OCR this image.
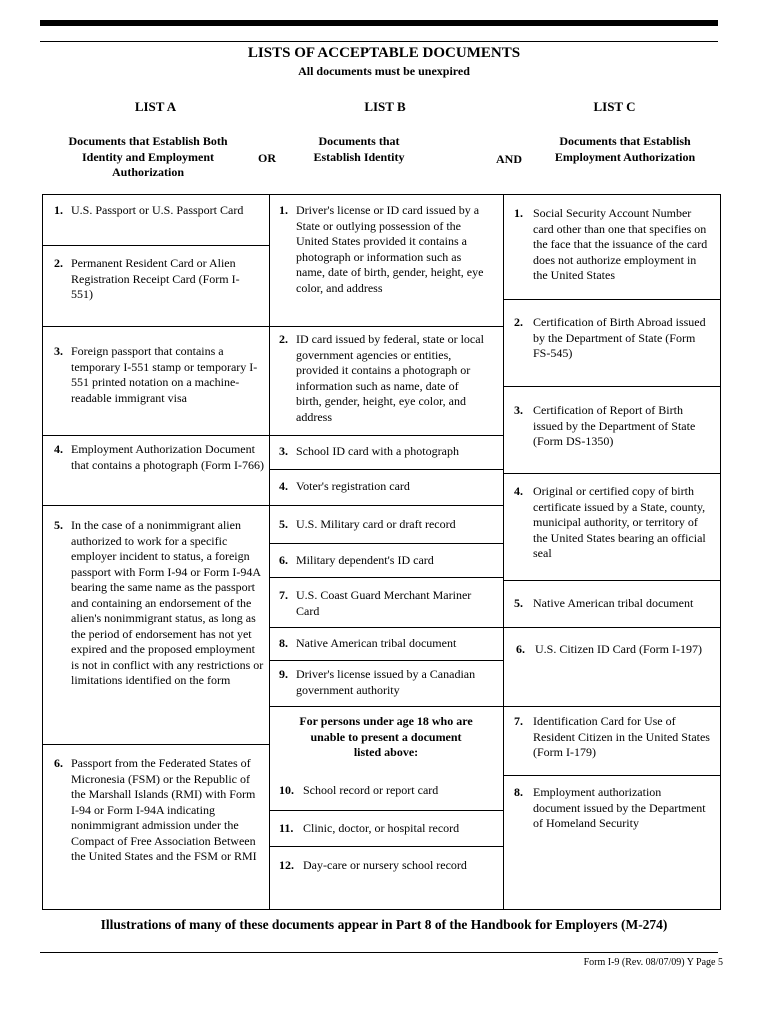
LISTS OF ACCEPTABLE DOCUMENTS
All documents must be unexpired
LIST A	LIST B	LIST C
Documents that Establish Both Identity and Employment Authorization
Documents that Establish Identity
Documents that Establish Employment Authorization
OR	AND
1. U.S. Passport or U.S. Passport Card
2. Permanent Resident Card or Alien Registration Receipt Card (Form I-551)
3. Foreign passport that contains a temporary I-551 stamp or temporary I-551 printed notation on a machine-readable immigrant visa
4. Employment Authorization Document that contains a photograph (Form I-766)
5. In the case of a nonimmigrant alien authorized to work for a specific employer incident to status, a foreign passport with Form I-94 or Form I-94A bearing the same name as the passport and containing an endorsement of the alien's nonimmigrant status, as long as the period of endorsement has not yet expired and the proposed employment is not in conflict with any restrictions or limitations identified on the form
6. Passport from the Federated States of Micronesia (FSM) or the Republic of the Marshall Islands (RMI) with Form I-94 or Form I-94A indicating nonimmigrant admission under the Compact of Free Association Between the United States and the FSM or RMI
1. Driver's license or ID card issued by a State or outlying possession of the United States provided it contains a photograph or information such as name, date of birth, gender, height, eye color, and address
2. ID card issued by federal, state or local government agencies or entities, provided it contains a photograph or information such as name, date of birth, gender, height, eye color, and address
3. School ID card with a photograph
4. Voter's registration card
5. U.S. Military card or draft record
6. Military dependent's ID card
7. U.S. Coast Guard Merchant Mariner Card
8. Native American tribal document
9. Driver's license issued by a Canadian government authority
For persons under age 18 who are unable to present a document listed above:
10. School record or report card
11. Clinic, doctor, or hospital record
12. Day-care or nursery school record
1. Social Security Account Number card other than one that specifies on the face that the issuance of the card does not authorize employment in the United States
2. Certification of Birth Abroad issued by the Department of State (Form FS-545)
3. Certification of Report of Birth issued by the Department of State (Form DS-1350)
4. Original or certified copy of birth certificate issued by a State, county, municipal authority, or territory of the United States bearing an official seal
5. Native American tribal document
6. U.S. Citizen ID Card (Form I-197)
7. Identification Card for Use of Resident Citizen in the United States (Form I-179)
8. Employment authorization document issued by the Department of Homeland Security
Illustrations of many of these documents appear in Part 8 of the Handbook for Employers (M-274)
Form I-9 (Rev. 08/07/09) Y Page 5
